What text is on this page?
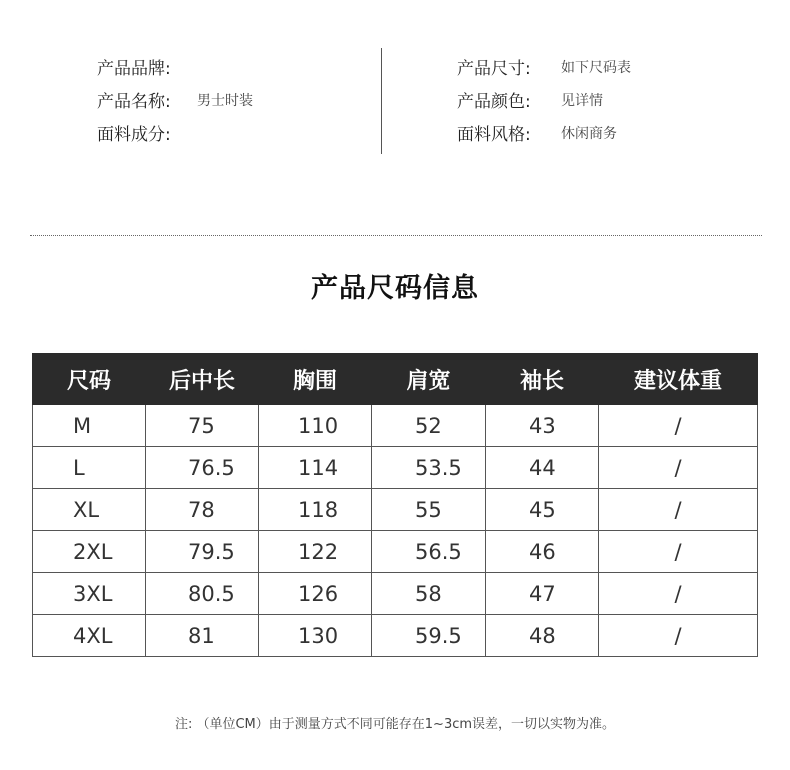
产品品牌:
产品名称:	男士时装
面料成分:
产品尺寸:	如下尺码表
产品颜色:	见详情
面料风格:	休闲商务
产品尺码信息
尺码	后中长	胸围	肩宽	袖长	建议体重
M	75	110	52	43	/
L	76.5	114	53.5	44	/
XL	78	118	55	45	/
2XL	79.5	122	56.5	46	/
3XL	80.5	126	58	47	/
4XL	81	130	59.5	48	/
注: （单位CM）由于测量方式不同可能存在1~3cm误差，一切以实物为准。
